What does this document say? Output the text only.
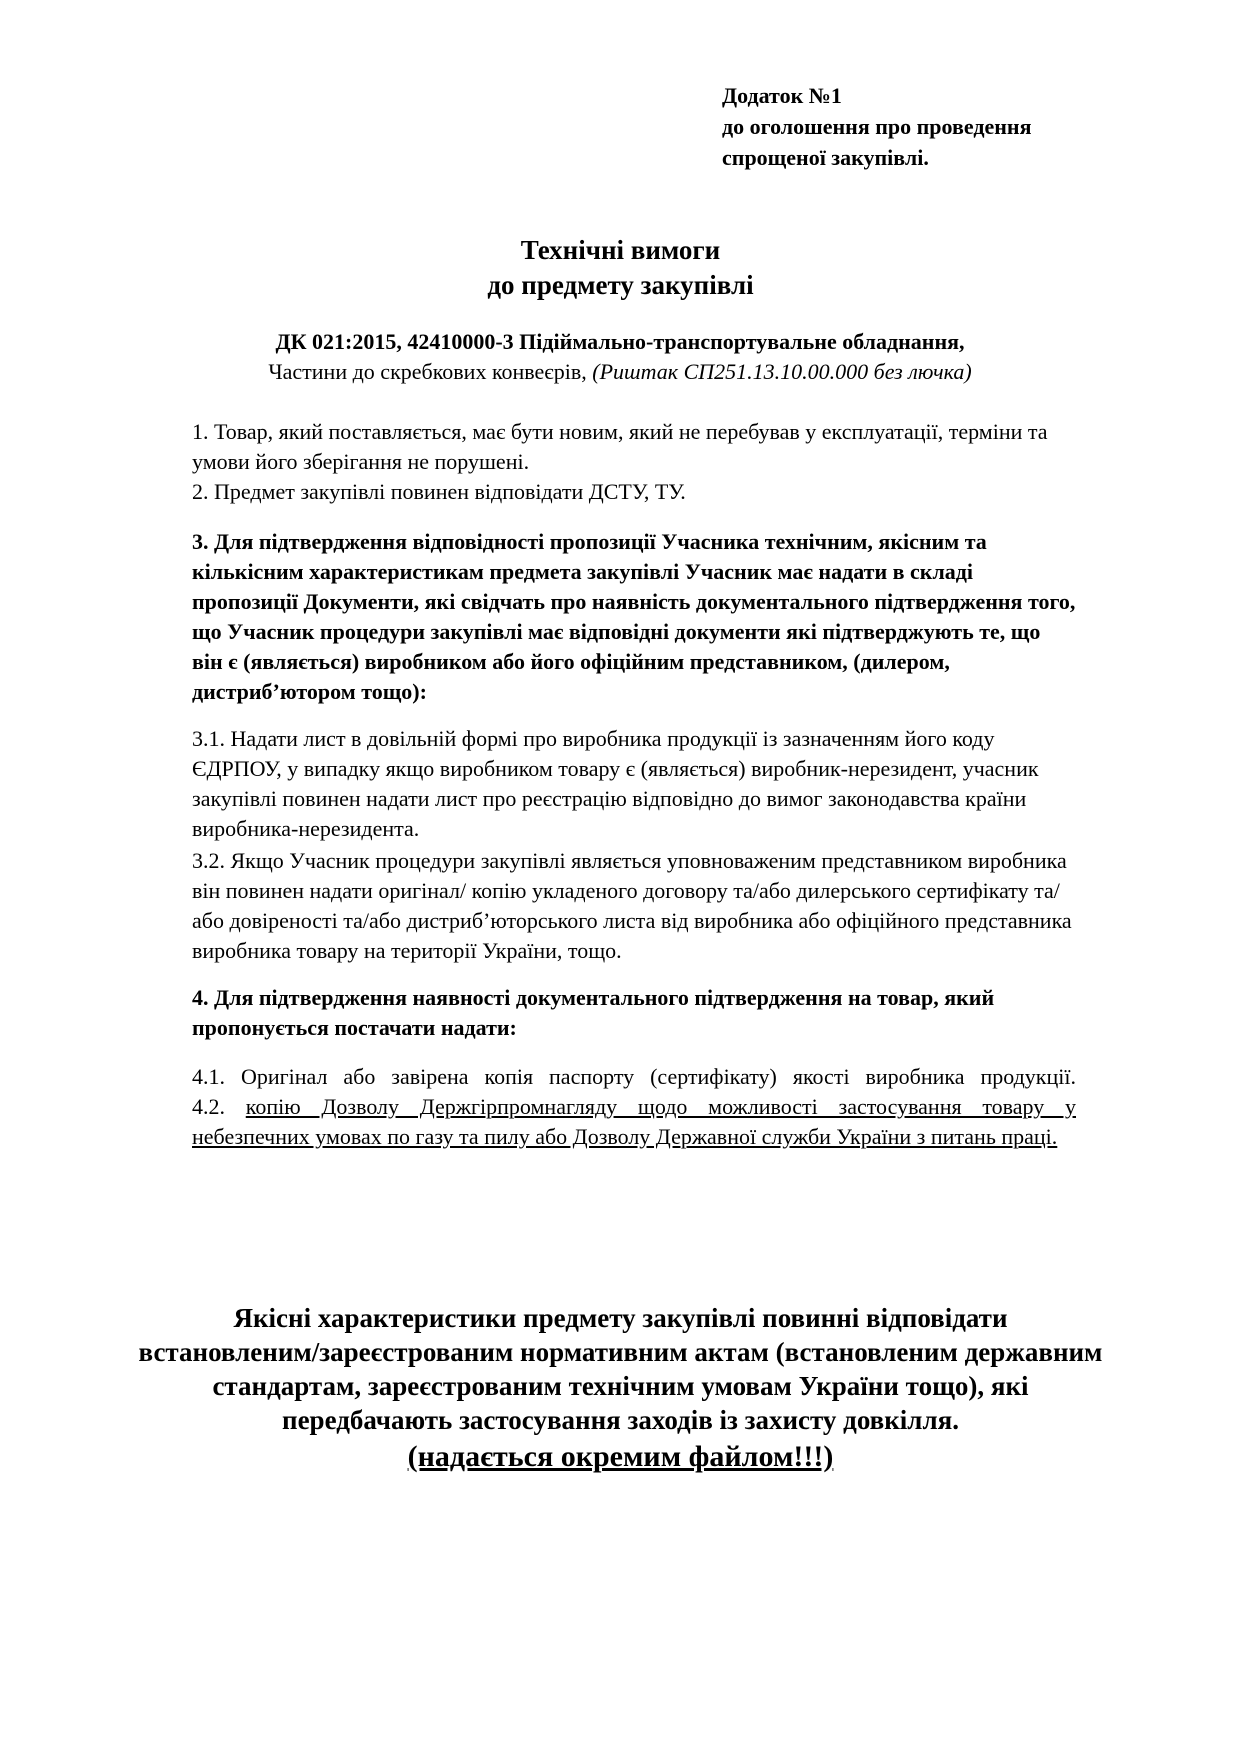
Додаток №1
до оголошення про проведення
спрощеної закупівлі.
Технічні вимоги
до предмету закупівлі
ДК 021:2015, 42410000-3 Підіймально-транспортувальне обладнання,
Частини до скребкових конвеєрів, (Риштак СП251.13.10.00.000 без лючка)
1. Товар, який поставляється, має бути новим, який не перебував у експлуатації, терміни та умови його зберігання не порушені.
2. Предмет закупівлі повинен відповідати ДСТУ, ТУ.
3. Для підтвердження відповідності пропозиції Учасника технічним, якісним та кількісним характеристикам предмета закупівлі Учасник має надати в складі пропозиції Документи, які свідчать про наявність документального підтвердження того, що Учасник процедури закупівлі має відповідні документи які підтверджують те, що він є (являється) виробником або його офіційним представником, (дилером, дистриб’ютором тощо):
3.1. Надати лист в довільній формі про виробника продукції із зазначенням його коду ЄДРПОУ, у випадку якщо виробником товару є (являється) виробник-нерезидент, учасник закупівлі повинен надати лист про реєстрацію відповідно до вимог законодавства країни виробника-нерезидента.
3.2. Якщо Учасник процедури закупівлі являється уповноваженим представником виробника він повинен надати оригінал/ копію укладеного договору та/або дилерського сертифікату та/або довіреності та/або дистриб’юторського листа від виробника або офіційного представника виробника товару на території України, тощо.
4. Для підтвердження наявності документального підтвердження на товар, який пропонується постачати надати:
4.1. Оригінал або завірена копія паспорту (сертифікату) якості виробника продукції.
4.2. копію Дозволу Держгірпромнагляду щодо можливості застосування товару у
небезпечних умовах по газу та пилу або Дозволу Державної служби України з питань праці.
Якісні характеристики предмету закупівлі повинні відповідати
встановленим/зареєстрованим нормативним актам (встановленим державним
стандартам, зареєстрованим технічним умовам України тощо), які
передбачають застосування заходів із захисту довкілля.
(надається окремим файлом!!!)
